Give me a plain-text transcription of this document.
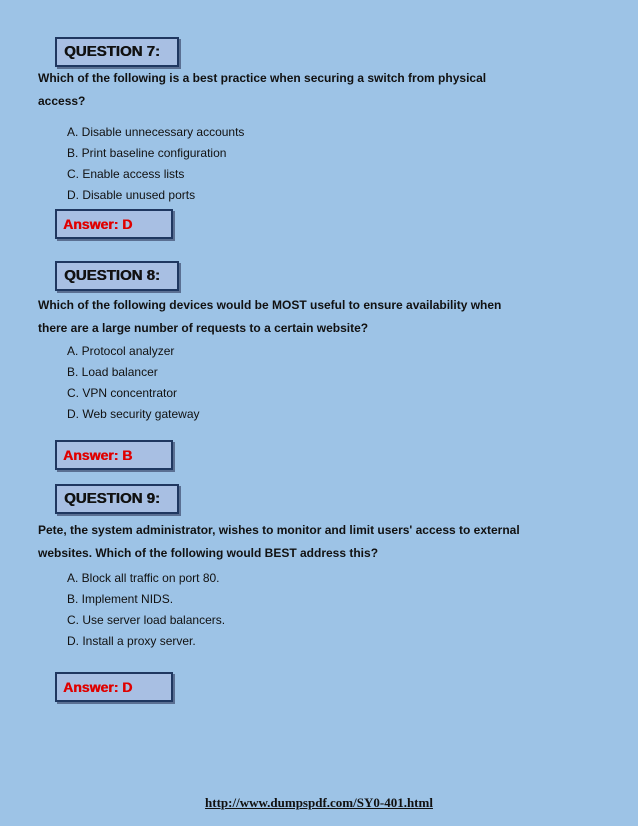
QUESTION 7:
Which of the following is a best practice when securing a switch from physical
access?
A. Disable unnecessary accounts
B. Print baseline configuration
C. Enable access lists
D. Disable unused ports
Answer: D
QUESTION 8:
Which of the following devices would be MOST useful to ensure availability when
there are a large number of requests to a certain website?
A. Protocol analyzer
B. Load balancer
C. VPN concentrator
D. Web security gateway
Answer: B
QUESTION 9:
Pete, the system administrator, wishes to monitor and limit users' access to external
websites. Which of the following would BEST address this?
A. Block all traffic on port 80.
B. Implement NIDS.
C. Use server load balancers.
D. Install a proxy server.
Answer: D
http://www.dumpspdf.com/SY0-401.html
